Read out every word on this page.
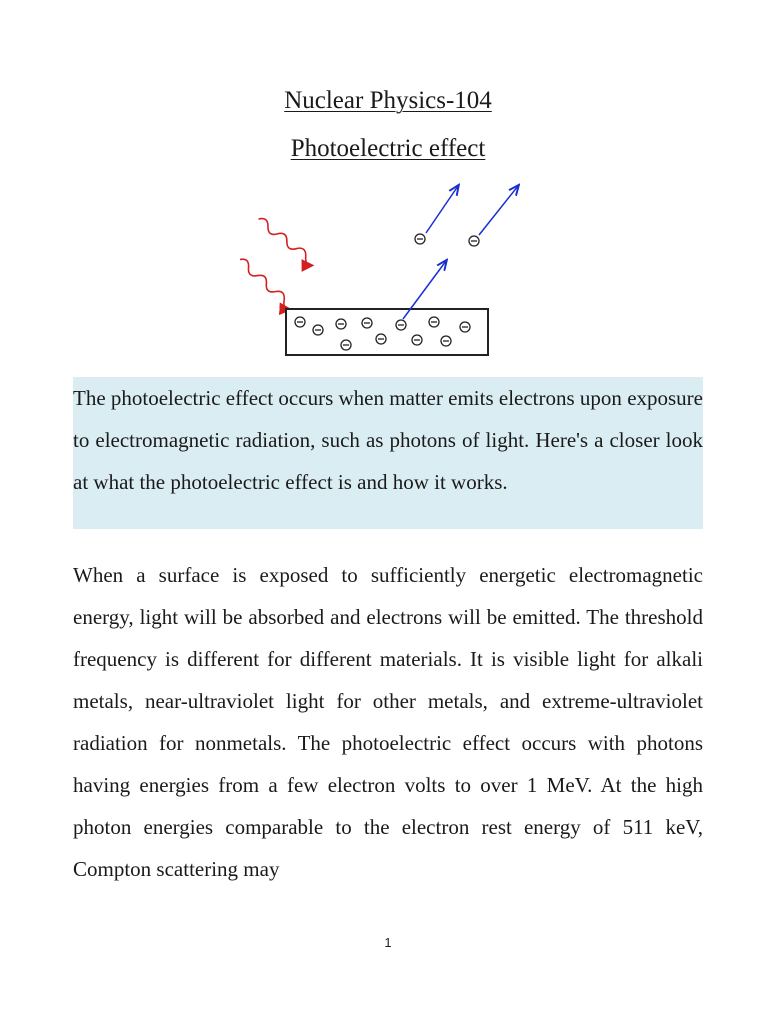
Nuclear Physics-104
Photoelectric effect

The photoelectric effect occurs when matter emits electrons upon exposure to electromagnetic radiation, such as photons of light. Here's a closer look at what the photoelectric effect is and how it works.

When a surface is exposed to sufficiently energetic electromagnetic energy, light will be absorbed and electrons will be emitted. The threshold frequency is different for different materials. It is visible light for alkali metals, near-ultraviolet light for other metals, and extreme-ultraviolet radiation for nonmetals. The photoelectric effect occurs with photons having energies from a few electron volts to over 1 MeV. At the high photon energies comparable to the electron rest energy of 511 keV, Compton scattering may

1
